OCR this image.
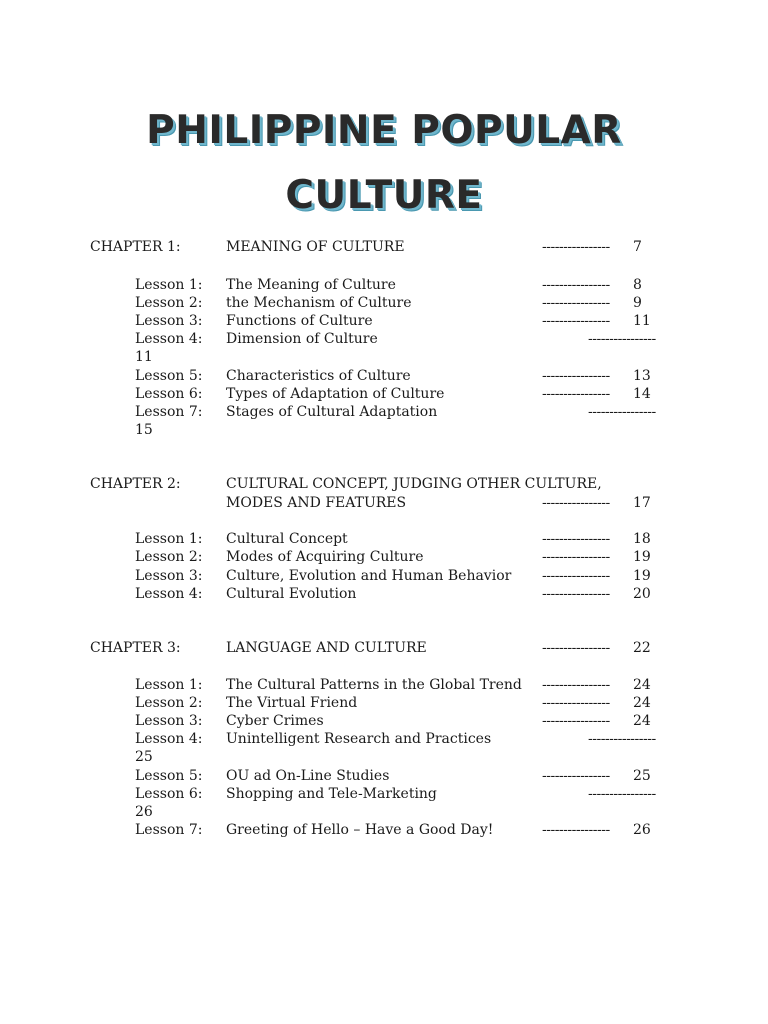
PHILIPPINE POPULAR
CULTURE
CHAPTER 1:	MEANING OF CULTURE	---------------- 7
Lesson 1: The Meaning of Culture	---------------- 8
Lesson 2: the Mechanism of Culture	---------------- 9
Lesson 3: Functions of Culture	---------------- 11
Lesson 4: Dimension of Culture	----------------
11
Lesson 5: Characteristics of Culture	---------------- 13
Lesson 6: Types of Adaptation of Culture	---------------- 14
Lesson 7: Stages of Cultural Adaptation	----------------
15
CHAPTER 2:	CULTURAL CONCEPT, JUDGING OTHER CULTURE,
MODES AND FEATURES	---------------- 17
Lesson 1: Cultural Concept	---------------- 18
Lesson 2: Modes of Acquiring Culture	---------------- 19
Lesson 3: Culture, Evolution and Human Behavior ---------------- 19
Lesson 4: Cultural Evolution	---------------- 20
CHAPTER 3:	LANGUAGE AND CULTURE	---------------- 22
Lesson 1: The Cultural Patterns in the Global Trend ---------------- 24
Lesson 2: The Virtual Friend	---------------- 24
Lesson 3: Cyber Crimes	---------------- 24
Lesson 4: Unintelligent Research and Practices	----------------
25
Lesson 5: OU ad On-Line Studies	---------------- 25
Lesson 6: Shopping and Tele-Marketing	----------------
26
Lesson 7: Greeting of Hello – Have a Good Day!	---------------- 26
